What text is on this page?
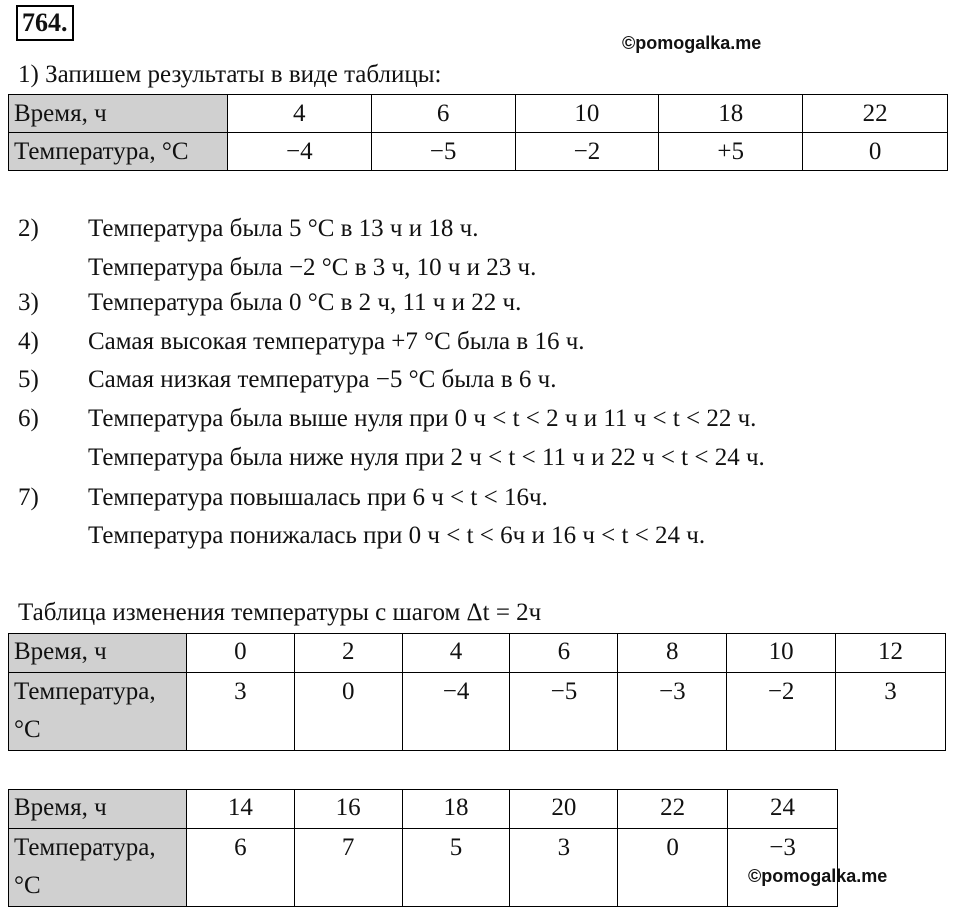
764.
©pomogalka.me
1) Запишем результаты в виде таблицы:
Время, ч	4	6	10	18	22
Температура, °C	−4	−5	−2	+5	0
2) Температура была 5 °C в 13 ч и 18 ч.
Температура была −2 °C в 3 ч, 10 ч и 23 ч.
3) Температура была 0 °C в 2 ч, 11 ч и 22 ч.
4) Самая высокая температура +7 °C была в 16 ч.
5) Самая низкая температура −5 °C была в 6 ч.
6) Температура была выше нуля при 0 ч < t < 2 ч и 11 ч < t < 22 ч.
Температура была ниже нуля при 2 ч < t < 11 ч и 22 ч < t < 24 ч.
7) Температура повышалась при 6 ч < t < 16ч.
Температура понижалась при 0 ч < t < 6ч и 16 ч < t < 24 ч.
Таблица изменения температуры с шагом Δt = 2ч
Время, ч	0	2	4	6	8	10	12
Температура,
°C	3	0	−4	−5	−3	−2	3
Время, ч	14	16	18	20	22	24
Температура,
°C	6	7	5	3	0	−3
©pomogalka.me
